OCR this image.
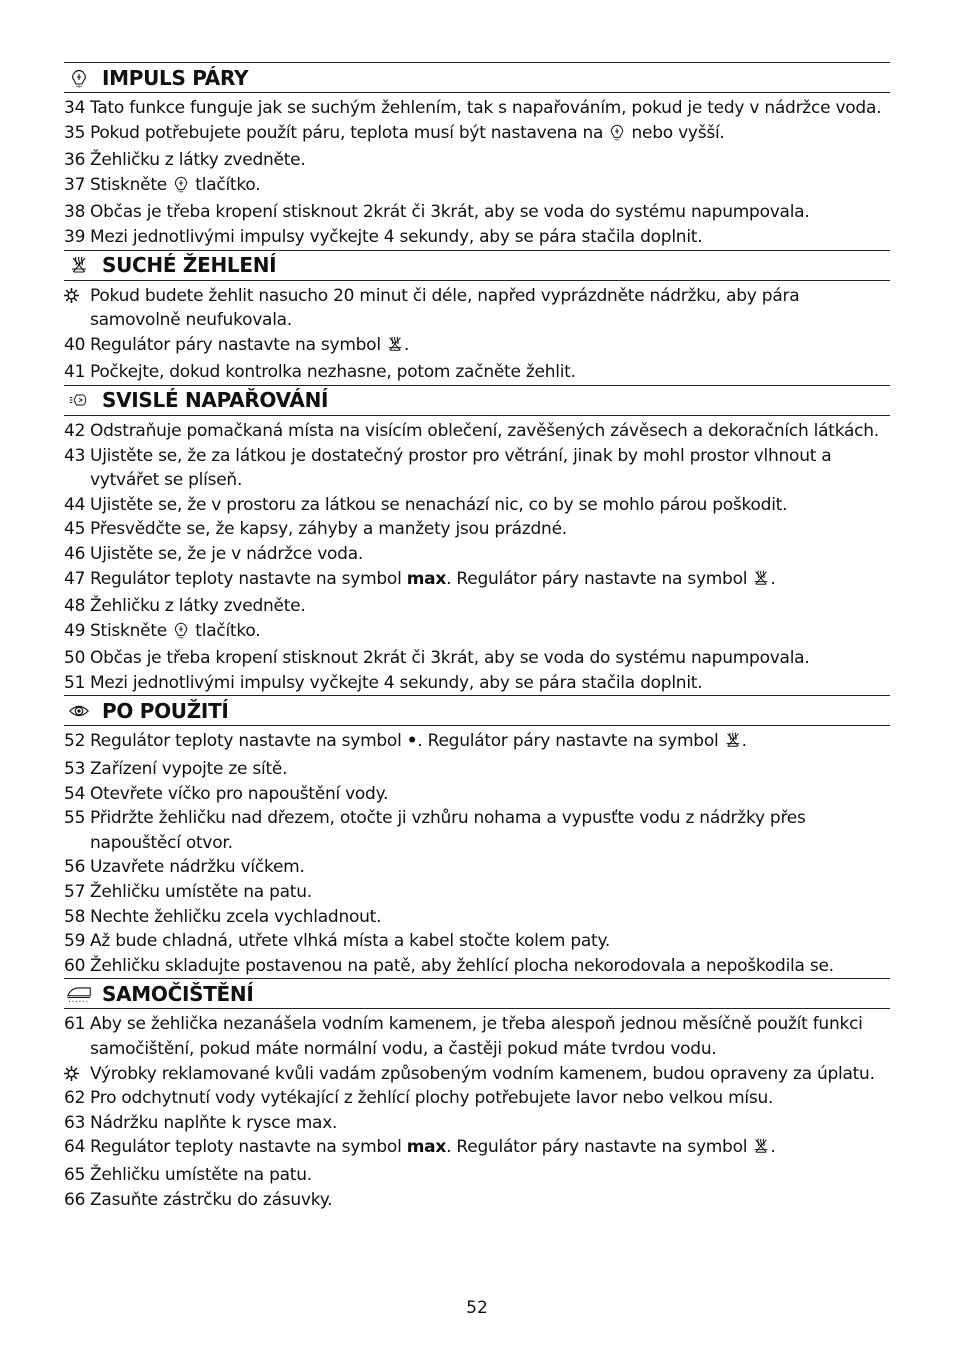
IMPULS PÁRY
34 Tato funkce funguje jak se suchým žehlením, tak s napařováním, pokud je tedy v nádržce voda.
35 Pokud potřebujete použít páru, teplota musí být nastavena na  nebo vyšší.
36 Žehličku z látky zvedněte.
37 Stiskněte  tlačítko.
38 Občas je třeba kropení stisknout 2krát či 3krát, aby se voda do systému napumpovala.
39 Mezi jednotlivými impulsy vyčkejte 4 sekundy, aby se pára stačila doplnit.
SUCHÉ ŽEHLENÍ
Pokud budete žehlit nasucho 20 minut či déle, napřed vyprázdněte nádržku, aby pára samovolně neufukovala.
40 Regulátor páry nastavte na symbol .
41 Počkejte, dokud kontrolka nezhasne, potom začněte žehlit.
SVISLÉ NAPAŘOVÁNÍ
42 Odstraňuje pomačkaná místa na visícím oblečení, zavěšených závěsech a dekoračních látkách.
43 Ujistěte se, že za látkou je dostatečný prostor pro větrání, jinak by mohl prostor vlhnout a vytvářet se plíseň.
44 Ujistěte se, že v prostoru za látkou se nenachází nic, co by se mohlo párou poškodit.
45 Přesvědčte se, že kapsy, záhyby a manžety jsou prázdné.
46 Ujistěte se, že je v nádržce voda.
47 Regulátor teploty nastavte na symbol max. Regulátor páry nastavte na symbol .
48 Žehličku z látky zvedněte.
49 Stiskněte  tlačítko.
50 Občas je třeba kropení stisknout 2krát či 3krát, aby se voda do systému napumpovala.
51 Mezi jednotlivými impulsy vyčkejte 4 sekundy, aby se pára stačila doplnit.
PO POUŽITÍ
52 Regulátor teploty nastavte na symbol •. Regulátor páry nastavte na symbol .
53 Zařízení vypojte ze sítě.
54 Otevřete víčko pro napouštění vody.
55 Přidržte žehličku nad dřezem, otočte ji vzhůru nohama a vypusťte vodu z nádržky přes napouštěcí otvor.
56 Uzavřete nádržku víčkem.
57 Žehličku umístěte na patu.
58 Nechte žehličku zcela vychladnout.
59 Až bude chladná, utřete vlhká místa a kabel stočte kolem paty.
60 Žehličku skladujte postavenou na patě, aby žehlící plocha nekorodovala a nepoškodila se.
SAMOČIŠTĚNÍ
61 Aby se žehlička nezanášela vodním kamenem, je třeba alespoň jednou měsíčně použít funkci samočištění, pokud máte normální vodu, a častěji pokud máte tvrdou vodu.
Výrobky reklamované kvůli vadám způsobeným vodním kamenem, budou opraveny za úplatu.
62 Pro odchytnutí vody vytékající z žehlící plochy potřebujete lavor nebo velkou mísu.
63 Nádržku naplňte k rysce max.
64 Regulátor teploty nastavte na symbol max. Regulátor páry nastavte na symbol .
65 Žehličku umístěte na patu.
66 Zasuňte zástrčku do zásuvky.
52
